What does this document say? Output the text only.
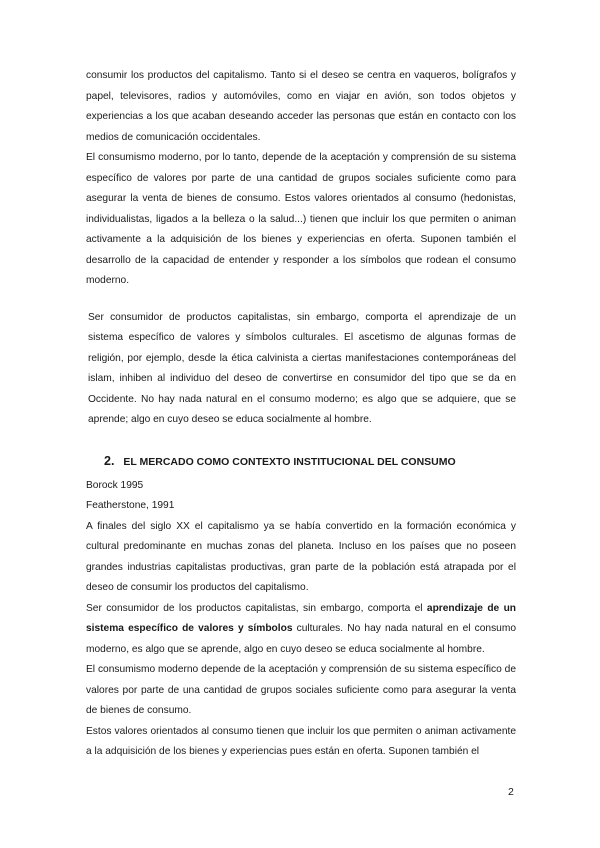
consumir los productos del capitalismo. Tanto si el deseo se centra en vaqueros, bolígrafos y papel, televisores, radios y automóviles, como en viajar en avión, son todos objetos y experiencias a los que acaban deseando acceder las personas que están en contacto con los medios de comunicación occidentales.

El consumismo moderno, por lo tanto, depende de la aceptación y comprensión de su sistema específico de valores por parte de una cantidad de grupos sociales suficiente como para asegurar la venta de bienes de consumo. Estos valores orientados al consumo (hedonistas, individualistas, ligados a la belleza o la salud...) tienen que incluir los que permiten o animan activamente a la adquisición de los bienes y experiencias en oferta. Suponen también el desarrollo de la capacidad de entender y responder a los símbolos que rodean el consumo moderno.

Ser consumidor de productos capitalistas, sin embargo, comporta el aprendizaje de un sistema específico de valores y símbolos culturales. El ascetismo de algunas formas de religión, por ejemplo, desde la ética calvinista a ciertas manifestaciones contemporáneas del islam, inhiben al individuo del deseo de convertirse en consumidor del tipo que se da en Occidente. No hay nada natural en el consumo moderno; es algo que se adquiere, que se aprende; algo en cuyo deseo se educa socialmente al hombre.

2. EL MERCADO COMO CONTEXTO INSTITUCIONAL DEL CONSUMO

Borock 1995

Featherstone, 1991

A finales del siglo XX el capitalismo ya se había convertido en la formación económica y cultural predominante en muchas zonas del planeta. Incluso en los países que no poseen grandes industrias capitalistas productivas, gran parte de la población está atrapada por el deseo de consumir los productos del capitalismo.

Ser consumidor de los productos capitalistas, sin embargo, comporta el aprendizaje de un sistema específico de valores y símbolos culturales. No hay nada natural en el consumo moderno, es algo que se aprende, algo en cuyo deseo se educa socialmente al hombre.

El consumismo moderno depende de la aceptación y comprensión de su sistema específico de valores por parte de una cantidad de grupos sociales suficiente como para asegurar la venta de bienes de consumo.

Estos valores orientados al consumo tienen que incluir los que permiten o animan activamente a la adquisición de los bienes y experiencias pues están en oferta. Suponen también el

2
